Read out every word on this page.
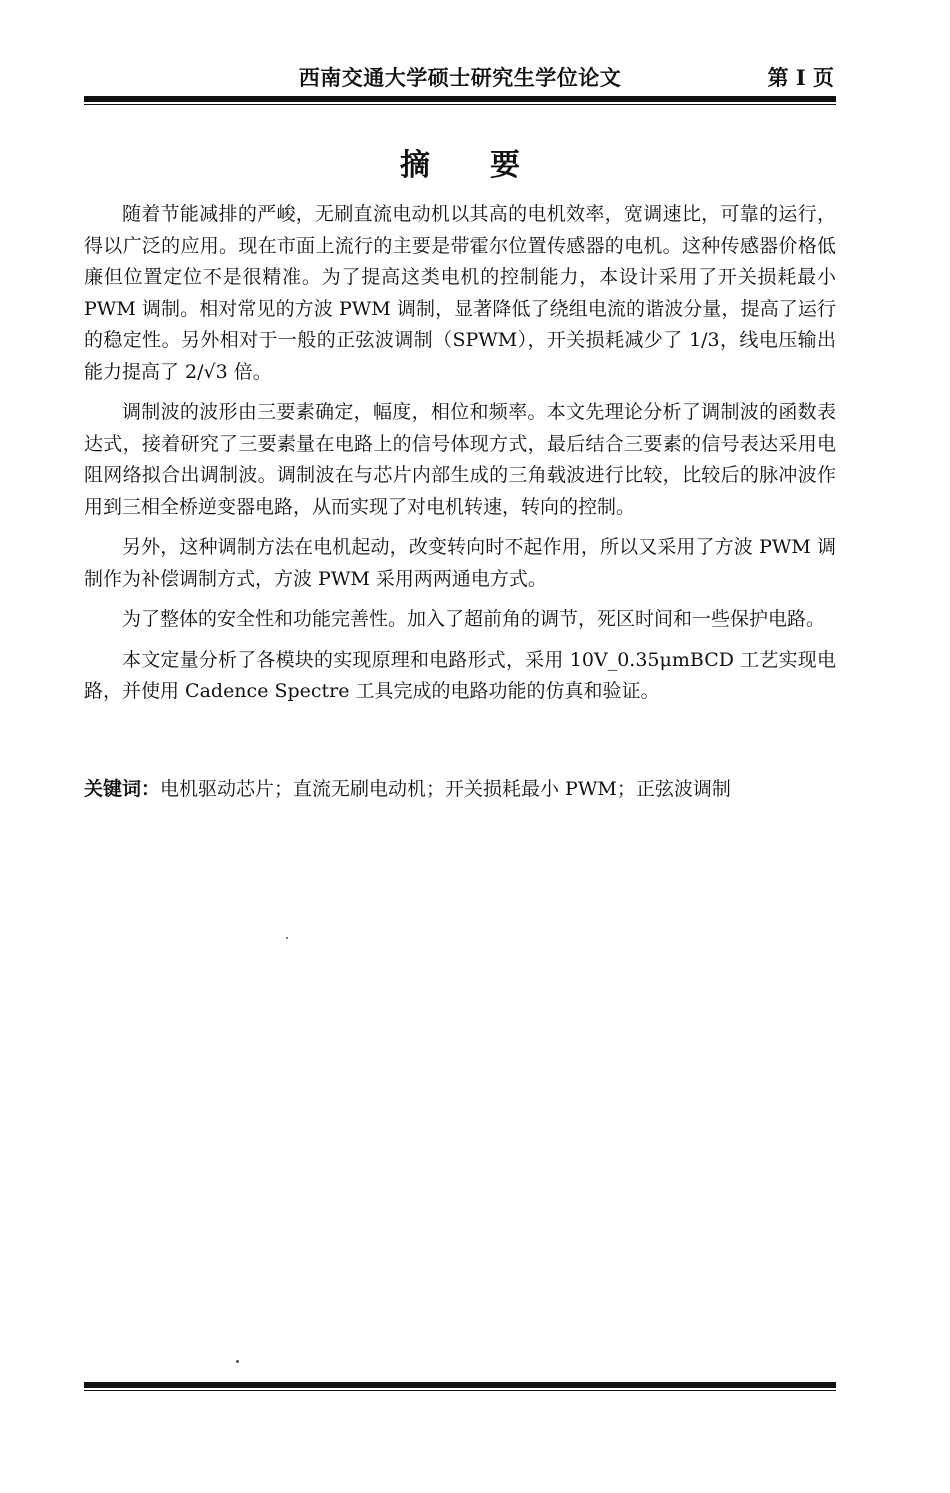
西南交通大学硕士研究生学位论文	第 I 页
摘要

随着节能减排的严峻，无刷直流电动机以其高的电机效率，宽调速比，可靠的运行，得以广泛的应用。现在市面上流行的主要是带霍尔位置传感器的电机。这种传感器价格低廉但位置定位不是很精准。为了提高这类电机的控制能力，本设计采用了开关损耗最小 PWM 调制。相对常见的方波 PWM 调制，显著降低了绕组电流的谐波分量，提高了运行的稳定性。另外相对于一般的正弦波调制（SPWM），开关损耗减少了 1/3，线电压输出能力提高了 2/√3 倍。

调制波的波形由三要素确定，幅度，相位和频率。本文先理论分析了调制波的函数表达式，接着研究了三要素量在电路上的信号体现方式，最后结合三要素的信号表达采用电阻网络拟合出调制波。调制波在与芯片内部生成的三角载波进行比较，比较后的脉冲波作用到三相全桥逆变器电路，从而实现了对电机转速，转向的控制。

另外，这种调制方法在电机起动，改变转向时不起作用，所以又采用了方波 PWM 调制作为补偿调制方式，方波 PWM 采用两两通电方式。

为了整体的安全性和功能完善性。加入了超前角的调节，死区时间和一些保护电路。

本文定量分析了各模块的实现原理和电路形式，采用 10V_0.35μmBCD 工艺实现电路，并使用 Cadence Spectre 工具完成的电路功能的仿真和验证。

关键词：电机驱动芯片；直流无刷电动机；开关损耗最小 PWM；正弦波调制
